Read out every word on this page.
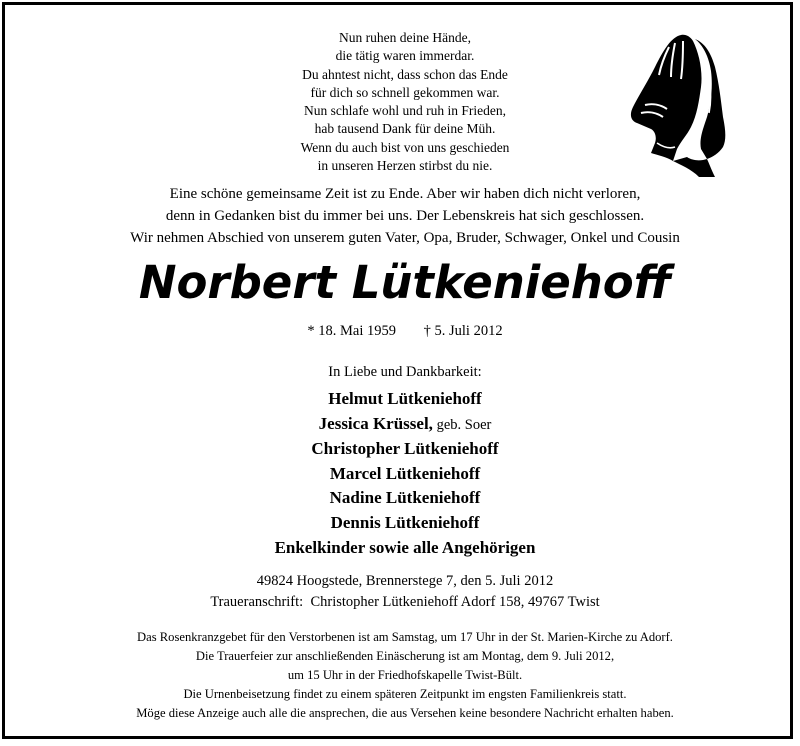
Nun ruhen deine Hände,
die tätig waren immerdar.
Du ahntest nicht, dass schon das Ende
für dich so schnell gekommen war.
Nun schlafe wohl und ruh in Frieden,
hab tausend Dank für deine Müh.
Wenn du auch bist von uns geschieden
in unseren Herzen stirbst du nie.
Eine schöne gemeinsame Zeit ist zu Ende. Aber wir haben dich nicht verloren,
denn in Gedanken bist du immer bei uns. Der Lebenskreis hat sich geschlossen.
Wir nehmen Abschied von unserem guten Vater, Opa, Bruder, Schwager, Onkel und Cousin
Norbert Lütkeniehoff
* 18. Mai 1959 † 5. Juli 2012
In Liebe und Dankbarkeit:
Helmut Lütkeniehoff
Jessica Krüssel, geb. Soer
Christopher Lütkeniehoff
Marcel Lütkeniehoff
Nadine Lütkeniehoff
Dennis Lütkeniehoff
Enkelkinder sowie alle Angehörigen
49824 Hoogstede, Brennerstege 7, den 5. Juli 2012
Traueranschrift:  Christopher Lütkeniehoff Adorf 158, 49767 Twist
Das Rosenkranzgebet für den Verstorbenen ist am Samstag, um 17 Uhr in der St. Marien-Kirche zu Adorf.
Die Trauerfeier zur anschließenden Einäscherung ist am Montag, dem 9. Juli 2012,
um 15 Uhr in der Friedhofskapelle Twist-Bült.
Die Urnenbeisetzung findet zu einem späteren Zeitpunkt im engsten Familienkreis statt.
Möge diese Anzeige auch alle die ansprechen, die aus Versehen keine besondere Nachricht erhalten haben.
